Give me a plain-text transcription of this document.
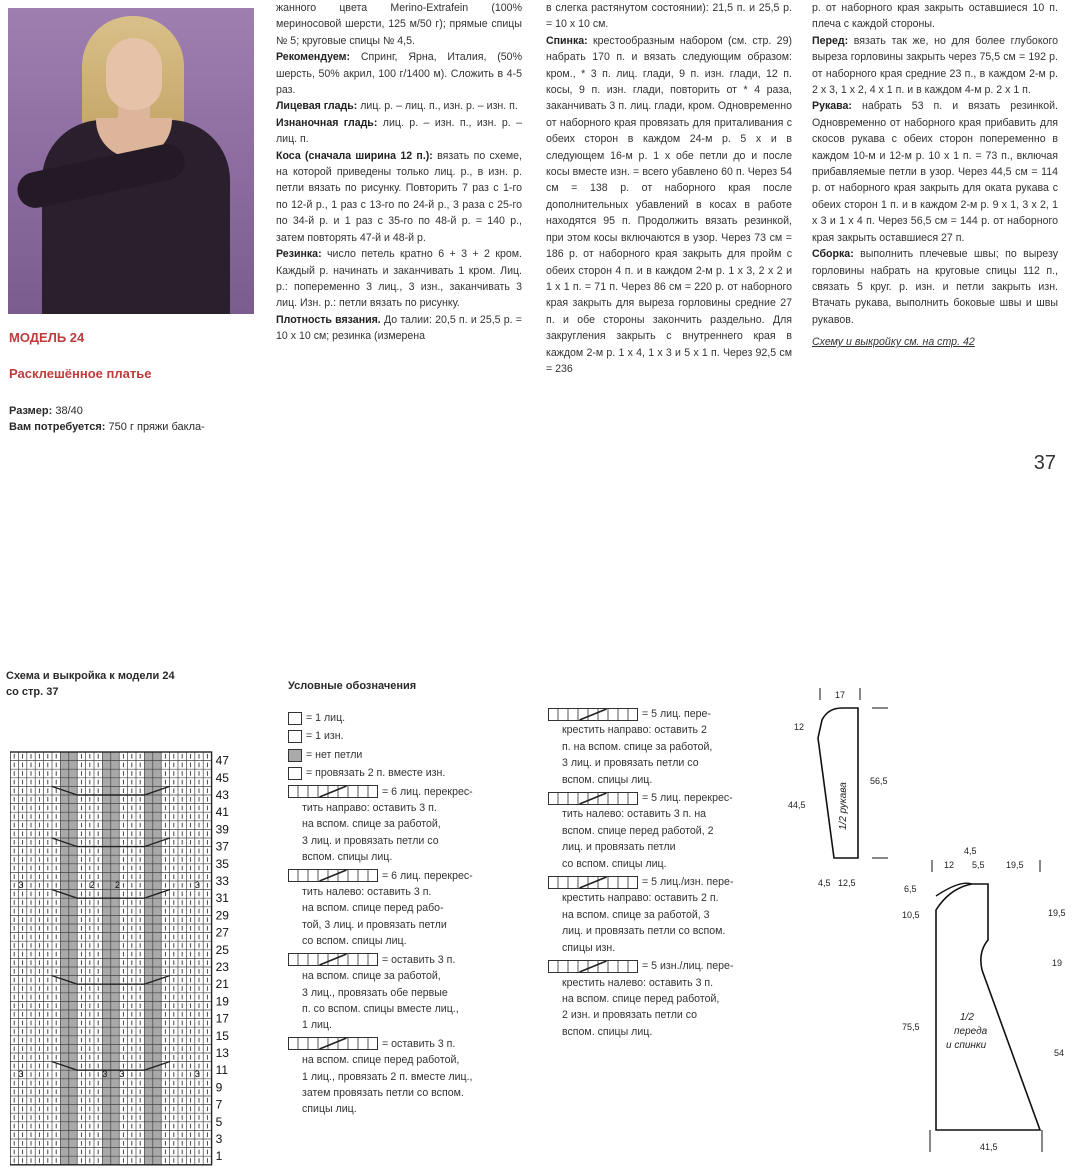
МОДЕЛЬ 24
Расклешённое платье
Размер: 38/40
Вам потребуется: 750 г пряжи бакла-

жанного цвета Merino-Extrafein (100% мериносовой шерсти, 125 м/50 г); прямые спицы № 5; круговые спицы № 4,5.

Рекомендуем: Спринг, Ярна, Италия, (50% шерсть, 50% акрил, 100 г/1400 м). Сложить в 4-5 раз.

Лицевая гладь: лиц. р. – лиц. п., изн. р. – изн. п.

Изнаночная гладь: лиц. р. – изн. п., изн. р. – лиц. п.

Коса (сначала ширина 12 п.): вязать по схеме, на которой приведены только лиц. р., в изн. р. петли вязать по рисунку. Повторить 7 раз с 1-го по 12-й р., 1 раз с 13-го по 24-й р., 3 раза с 25-го по 34-й р. и 1 раз с 35-го по 48-й р. = 140 р., затем повторять 47-й и 48-й р.

Резинка: число петель кратно 6 + 3 + 2 кром. Каждый р. начинать и заканчивать 1 кром. Лиц. р.: попеременно 3 лиц., 3 изн., заканчивать 3 лиц. Изн. р.: петли вязать по рисунку.

Плотность вязания. До талии: 20,5 п. и 25,5 р. = 10 х 10 см; резинка (измерена

в слегка растянутом состоянии): 21,5 п. и 25,5 р. = 10 х 10 см.

Спинка: крестообразным набором (см. стр. 29) набрать 170 п. и вязать следующим образом: кром., * 3 п. лиц. глади, 9 п. изн. глади, 12 п. косы, 9 п. изн. глади, повторить от * 4 раза, заканчивать 3 п. лиц. глади, кром. Одновременно от наборного края провязать для приталивания с обеих сторон в каждом 24-м р. 5 х и в следующем 16-м р. 1 х обе петли до и после косы вместе изн. = всего убавлено 60 п. Через 54 см = 138 р. от наборного края после дополнительных убавлений в косах в работе находятся 95 п. Продолжить вязать резинкой, при этом косы включаются в узор. Через 73 см = 186 р. от наборного края закрыть для пройм с обеих сторон 4 п. и в каждом 2-м р. 1 х 3, 2 х 2 и 1 х 1 п. = 71 п. Через 86 см = 220 р. от наборного края закрыть для выреза горловины средние 27 п. и обе стороны закончить раздельно. Для закругления закрыть с внутреннего края в каждом 2-м р. 1 х 4, 1 х 3 и 5 х 1 п. Через 92,5 см = 236

р. от наборного края закрыть оставшиеся 10 п. плеча с каждой стороны.

Перед: вязать так же, но для более глубокого выреза горловины закрыть через 75,5 см = 192 р. от наборного края средние 23 п., в каждом 2-м р. 2 х 3, 1 х 2, 4 х 1 п. и в каждом 4-м р. 2 х 1 п.

Рукава: набрать 53 п. и вязать резинкой. Одновременно от наборного края прибавить для скосов рукава с обеих сторон попеременно в каждом 10-м и 12-м р. 10 х 1 п. = 73 п., включая прибавляемые петли в узор. Через 44,5 см = 114 р. от наборного края закрыть для оката рукава с обеих сторон 1 п. и в каждом 2-м р. 9 х 1, 3 х 2, 1 х 3 и 1 х 4 п. Через 56,5 см = 144 р. от наборного края закрыть оставшиеся 27 п.

Сборка: выполнить плечевые швы; по вырезу горловины набрать на круговые спицы 112 п., связать 5 круг. р. изн. и петли закрыть изн. Втачать рукава, выполнить боковые швы и швы рукавов.

Схему и выкройку см. на стр. 42

37
Схема и выкройка к модели 24
со стр. 37	Условные обозначения
= 1 лиц.
= 1 изн.
= нет петли
= провязать 2 п. вместе изн.
= 6 лиц. перекрес-
тить направо: оставить 3 п.
на вспом. спице за работой,
3 лиц. и провязать петли со
вспом. спицы лиц.
= 6 лиц. перекрес-
тить налево: оставить 3 п.
на вспом. спице перед рабо-
той, 3 лиц. и провязать петли
со вспом. спицы лиц.
= оставить 3 п.
на вспом. спице за работой,
3 лиц., провязать обе первые
п. со вспом. спицы вместе лиц.,
1 лиц.
= оставить 3 п.
на вспом. спице перед работой,
1 лиц., провязать 2 п. вместе лиц.,
затем провязать петли со вспом.
спицы лиц.
= 5 лиц. пере-
крестить направо: оставить 2
п. на вспом. спице за работой,
3 лиц. и провязать петли со
вспом. спицы лиц.
= 5 лиц. перекрес-
тить налево: оставить 3 п. на
вспом. спице перед работой, 2
лиц. и провязать петли
со вспом. спицы лиц.
= 5 лиц./изн. пере-
крестить направо: оставить 2 п.
на вспом. спице за работой, 3
лиц. и провязать петли со вспом.
спицы изн.
= 5 изн./лиц. пере-
крестить налево: оставить 3 п.
на вспом. спице перед работой,
2 изн. и провязать петли со
вспом. спицы лиц.
2 2
3	3
3	3 3	3
47
45
43
41
39
37
35
33
31
29
27
25
23
21
19
17
15
13
11
9
7
5
3
1
17
12
44,5
56,5
4,5 12,5
1/2 рукава
4,5
12 5,5 19,5
6,5
10,5	19,5
19
75,5
54
41,5
1/2
переда
и спинки
